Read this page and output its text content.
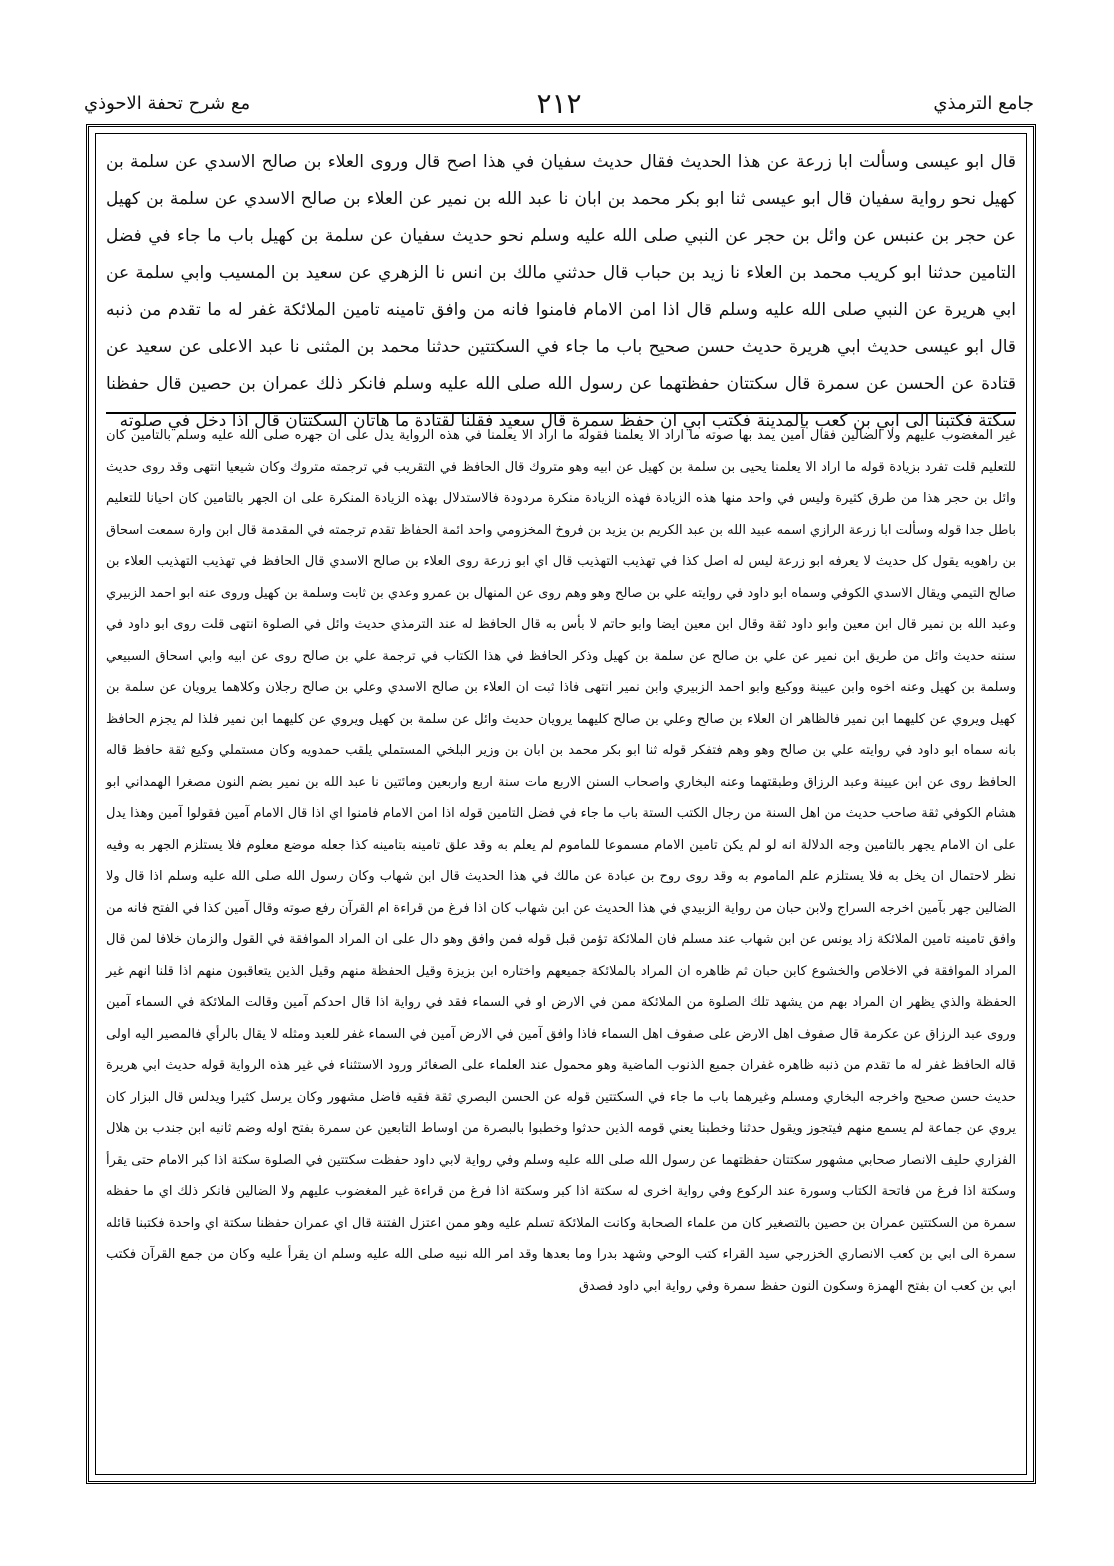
جامع الترمذي
٢١٢
مع شرح تحفة الاحوذي

قال ابو عيسى وسألت ابا زرعة عن هذا الحديث فقال حديث سفيان في هذا اصح قال وروى العلاء بن صالح الاسدي عن سلمة بن كهيل نحو رواية سفيان قال ابو عيسى ثنا ابو بكر محمد بن ابان نا عبد الله بن نمير عن العلاء بن صالح الاسدي عن سلمة بن كهيل عن حجر بن عنبس عن وائل بن حجر عن النبي صلى الله عليه وسلم نحو حديث سفيان عن سلمة بن كهيل باب ما جاء في فضل التامين حدثنا ابو كريب محمد بن العلاء نا زيد بن حباب قال حدثني مالك بن انس نا الزهري عن سعيد بن المسيب وابي سلمة عن ابي هريرة عن النبي صلى الله عليه وسلم قال اذا امن الامام فامنوا فانه من وافق تامينه تامين الملائكة غفر له ما تقدم من ذنبه قال ابو عيسى حديث ابي هريرة حديث حسن صحيح باب ما جاء في السكتتين حدثنا محمد بن المثنى نا عبد الاعلى عن سعيد عن قتادة عن الحسن عن سمرة قال سكتتان حفظتهما عن رسول الله صلى الله عليه وسلم فانكر ذلك عمران بن حصين قال حفظنا سكتة فكتبنا الى ابي بن كعب بالمدينة فكتب ابي ان حفظ سمرة قال سعيد فقلنا لقتادة ما هاتان السكتتان قال اذا دخل في صلوته

غير المغضوب عليهم ولا الضالين فقال آمين يمد بها صوته ما اراد الا يعلمنا فقوله ما اراد الا يعلمنا في هذه الرواية يدل على ان جهره صلى الله عليه وسلم بالتامين كان للتعليم قلت تفرد بزيادة قوله ما اراد الا يعلمنا يحيى بن سلمة بن كهيل عن ابيه وهو متروك قال الحافظ في التقريب في ترجمته متروك وكان شيعيا انتهى وقد روى حديث وائل بن حجر هذا من طرق كثيرة وليس في واحد منها هذه الزيادة فهذه الزيادة منكرة مردودة فالاستدلال بهذه الزيادة المنكرة على ان الجهر بالتامين كان احيانا للتعليم باطل جدا قوله وسألت ابا زرعة الرازي اسمه عبيد الله بن عبد الكريم بن يزيد بن فروخ المخزومي واحد ائمة الحفاظ تقدم ترجمته في المقدمة قال ابن وارة سمعت اسحاق بن راهويه يقول كل حديث لا يعرفه ابو زرعة ليس له اصل كذا في تهذيب التهذيب قال اي ابو زرعة روى العلاء بن صالح الاسدي قال الحافظ في تهذيب التهذيب العلاء بن صالح التيمي ويقال الاسدي الكوفي وسماه ابو داود في روايته علي بن صالح وهو وهم روى عن المنهال بن عمرو وعدي بن ثابت وسلمة بن كهيل وروى عنه ابو احمد الزبيري وعبد الله بن نمير قال ابن معين وابو داود ثقة وقال ابن معين ايضا وابو حاتم لا بأس به قال الحافظ له عند الترمذي حديث وائل في الصلوة انتهى قلت روى ابو داود في سننه حديث وائل من طريق ابن نمير عن علي بن صالح عن سلمة بن كهيل وذكر الحافظ في هذا الكتاب في ترجمة علي بن صالح روى عن ابيه وابي اسحاق السبيعي وسلمة بن كهيل وعنه اخوه وابن عيينة ووكيع وابو احمد الزبيري وابن نمير انتهى فاذا ثبت ان العلاء بن صالح الاسدي وعلي بن صالح رجلان وكلاهما يرويان عن سلمة بن كهيل ويروي عن كليهما ابن نمير فالظاهر ان العلاء بن صالح وعلي بن صالح كليهما يرويان حديث وائل عن سلمة بن كهيل ويروي عن كليهما ابن نمير فلذا لم يجزم الحافظ بانه سماه ابو داود في روايته علي بن صالح وهو وهم فتفكر قوله ثنا ابو بكر محمد بن ابان بن وزير البلخي المستملي يلقب حمدويه وكان مستملي وكيع ثقة حافظ قاله الحافظ روى عن ابن عيينة وعبد الرزاق وطبقتهما وعنه البخاري واصحاب السنن الاربع مات سنة اربع واربعين ومائتين نا عبد الله بن نمير بضم النون مصغرا الهمداني ابو هشام الكوفي ثقة صاحب حديث من اهل السنة من رجال الكتب الستة باب ما جاء في فضل التامين قوله اذا امن الامام فامنوا اي اذا قال الامام آمين فقولوا آمين وهذا يدل على ان الامام يجهر بالتامين وجه الدلالة انه لو لم يكن تامين الامام مسموعا للماموم لم يعلم به وقد علق تامينه بتامينه كذا جعله موضع معلوم فلا يستلزم الجهر به وفيه نظر لاحتمال ان يخل به فلا يستلزم علم الماموم به وقد روى روح بن عبادة عن مالك في هذا الحديث قال ابن شهاب وكان رسول الله صلى الله عليه وسلم اذا قال ولا الضالين جهر بآمين اخرجه السراج ولابن حبان من رواية الزبيدي في هذا الحديث عن ابن شهاب كان اذا فرغ من قراءة ام القرآن رفع صوته وقال آمين كذا في الفتح فانه من وافق تامينه تامين الملائكة زاد يونس عن ابن شهاب عند مسلم فان الملائكة تؤمن قبل قوله فمن وافق وهو دال على ان المراد الموافقة في القول والزمان خلافا لمن قال المراد الموافقة في الاخلاص والخشوع كابن حبان ثم ظاهره ان المراد بالملائكة جميعهم واختاره ابن بزيزة وقيل الحفظة منهم وقيل الذين يتعاقبون منهم اذا قلنا انهم غير الحفظة والذي يظهر ان المراد بهم من يشهد تلك الصلوة من الملائكة ممن في الارض او في السماء فقد في رواية اذا قال احدكم آمين وقالت الملائكة في السماء آمين وروى عبد الرزاق عن عكرمة قال صفوف اهل الارض على صفوف اهل السماء فاذا وافق آمين في الارض آمين في السماء غفر للعبد ومثله لا يقال بالرأي فالمصير اليه اولى قاله الحافظ غفر له ما تقدم من ذنبه ظاهره غفران جميع الذنوب الماضية وهو محمول عند العلماء على الصغائر ورود الاستثناء في غير هذه الرواية قوله حديث ابي هريرة حديث حسن صحيح واخرجه البخاري ومسلم وغيرهما باب ما جاء في السكتتين قوله عن الحسن البصري ثقة فقيه فاضل مشهور وكان يرسل كثيرا ويدلس قال البزار كان يروي عن جماعة لم يسمع منهم فيتجوز ويقول حدثنا وخطبنا يعني قومه الذين حدثوا وخطبوا بالبصرة من اوساط التابعين عن سمرة بفتح اوله وضم ثانيه ابن جندب بن هلال الفزاري حليف الانصار صحابي مشهور سكتتان حفظتهما عن رسول الله صلى الله عليه وسلم وفي رواية لابي داود حفظت سكتتين في الصلوة سكتة اذا كبر الامام حتى يقرأ وسكتة اذا فرغ من فاتحة الكتاب وسورة عند الركوع وفي رواية اخرى له سكتة اذا كبر وسكتة اذا فرغ من قراءة غير المغضوب عليهم ولا الضالين فانكر ذلك اي ما حفظه سمرة من السكتتين عمران بن حصين بالتصغير كان من علماء الصحابة وكانت الملائكة تسلم عليه وهو ممن اعتزل الفتنة قال اي عمران حفظنا سكتة اي واحدة فكتبنا قائله سمرة الى ابي بن كعب الانصاري الخزرجي سيد القراء كتب الوحي وشهد بدرا وما بعدها وقد امر الله نبيه صلى الله عليه وسلم ان يقرأ عليه وكان من جمع القرآن فكتب ابي بن كعب ان بفتح الهمزة وسكون النون حفظ سمرة وفي رواية ابي داود فصدق
